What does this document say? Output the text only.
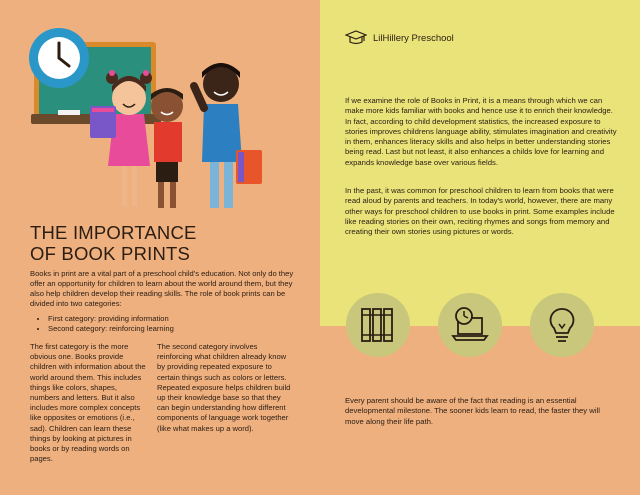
THE IMPORTANCE
OF BOOK PRINTS
Books in print are a vital part of a preschool child's education. Not only do they offer an opportunity for children to learn about the world around them, but they also help children develop their reading skills. The role of book prints can be divided into two categories:
• First category: providing information
• Second category: reinforcing learning
The first category is the more obvious one. Books provide children with information about the world around them. This includes things like colors, shapes, numbers and letters. But it also includes more complex concepts like opposites or emotions (i.e., sad). Children can learn these things by looking at pictures in books or by reading words on pages.
The second category involves reinforcing what children already know by providing repeated exposure to certain things such as colors or letters. Repeated exposure helps children build up their knowledge base so that they can begin understanding how different components of language work together (like what makes up a word).
LilHillery Preschool
If we examine the role of Books in Print, it is a means through which we can make more kids familiar with books and hence use it to enrich their knowledge. In fact, according to child development statistics, the increased exposure to stories improves childrens language ability, stimulates imagination and creativity in them, enhances literacy skills and also helps in better understanding stories being read. Last but not least, it also enhances a childs love for learning and expands knowledge base over various fields.
In the past, it was common for preschool children to learn from books that were read aloud by parents and teachers. In today's world, however, there are many other ways for preschool children to use books in print. Some examples include like reading stories on their own, reciting rhymes and songs from memory and creating their own stories using pictures or words.
Every parent should be aware of the fact that reading is an essential developmental milestone. The sooner kids learn to read, the faster they will move along their life path.
